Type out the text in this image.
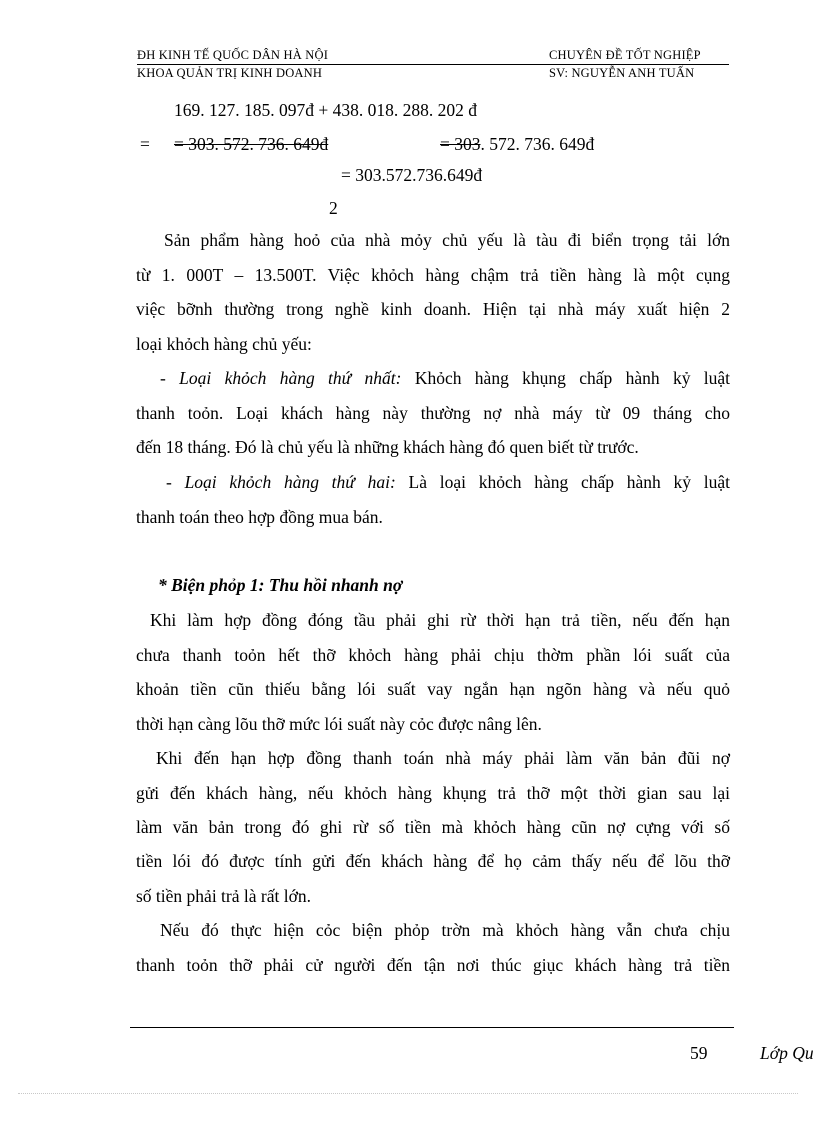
ĐH KINH TẾ QUỐC DÂN HÀ NỘI	CHUYÊN ĐỀ TỐT NGHIỆP
KHOA QUẢN TRỊ KINH DOANH	SV: NGUYỄN ANH TUẤN
169. 127. 185. 097đ + 438. 018. 288. 202 đ
= = 303. 572. 736. 649đ	= 303. 572. 736. 649đ
= 303.572.736.649đ
2
Sản phẩm hàng hoỏ của nhà mỏy chủ yếu là tàu đi biển trọng tải lớn
từ 1. 000T – 13.500T. Việc khỏch hàng chậm trả tiền hàng là một cụng
việc bỡnh thường trong nghề kinh doanh. Hiện tại nhà máy xuất hiện 2
loại khỏch hàng chủ yếu:
- Loại khỏch hàng thứ nhất: Khỏch hàng khụng chấp hành kỷ luật
thanh toỏn. Loại khách hàng này thường nợ nhà máy từ 09 tháng cho
đến 18 tháng. Đó là chủ yếu là những khách hàng đó quen biết từ trước.
- Loại khỏch hàng thứ hai: Là loại khỏch hàng chấp hành kỷ luật
thanh toán theo hợp đồng mua bán.
* Biện phỏp 1: Thu hồi nhanh nợ
Khi làm hợp đồng đóng tầu phải ghi rừ thời hạn trả tiền, nếu đến hạn
chưa thanh toỏn hết thỡ khỏch hàng phải chịu thờm phần lói suất của
khoản tiền cũn thiếu bằng lói suất vay ngắn hạn ngõn hàng và nếu quỏ
thời hạn càng lõu thỡ mức lói suất này cỏc được nâng lên.
Khi đến hạn hợp đồng thanh toán nhà máy phải làm văn bản đũi nợ
gửi đến khách hàng, nếu khỏch hàng khụng trả thỡ một thời gian sau lại
làm văn bản trong đó ghi rừ số tiền mà khỏch hàng cũn nợ cựng với số
tiền lói đó được tính gửi đến khách hàng để họ cảm thấy nếu để lõu thỡ
số tiền phải trả là rất lớn.
Nếu đó thực hiện cỏc biện phỏp trờn mà khỏch hàng vẫn chưa chịu
thanh toỏn thỡ phải cử người đến tận nơi thúc giục khách hàng trả tiền
59	Lớp Qu
